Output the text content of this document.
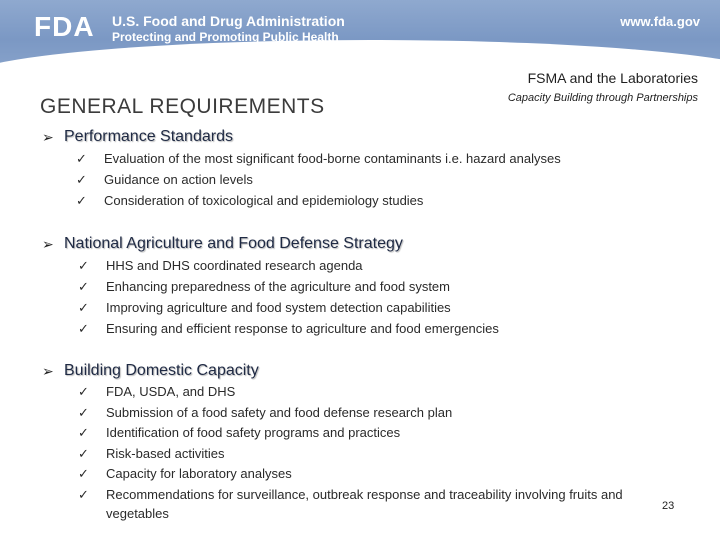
FDA U.S. Food and Drug Administration
Protecting and Promoting Public Health
www.fda.gov
FSMA and the Laboratories
Capacity Building through Partnerships
GENERAL REQUIREMENTS
➢ Performance Standards
✓ Evaluation of the most significant food-borne contaminants i.e. hazard analyses
✓ Guidance on action levels
✓ Consideration of toxicological and epidemiology studies
➢ National Agriculture and Food Defense Strategy
✓ HHS and DHS coordinated research agenda
✓ Enhancing preparedness of the agriculture and food system
✓ Improving agriculture and food system detection capabilities
✓ Ensuring and efficient response to agriculture and food emergencies
➢ Building Domestic Capacity
✓ FDA, USDA, and DHS
✓ Submission of a food safety and food defense research plan
✓ Identification of food safety programs and practices
✓ Risk-based activities
✓ Capacity for laboratory analyses
✓ Recommendations for surveillance, outbreak response and traceability involving fruits and vegetables	23
